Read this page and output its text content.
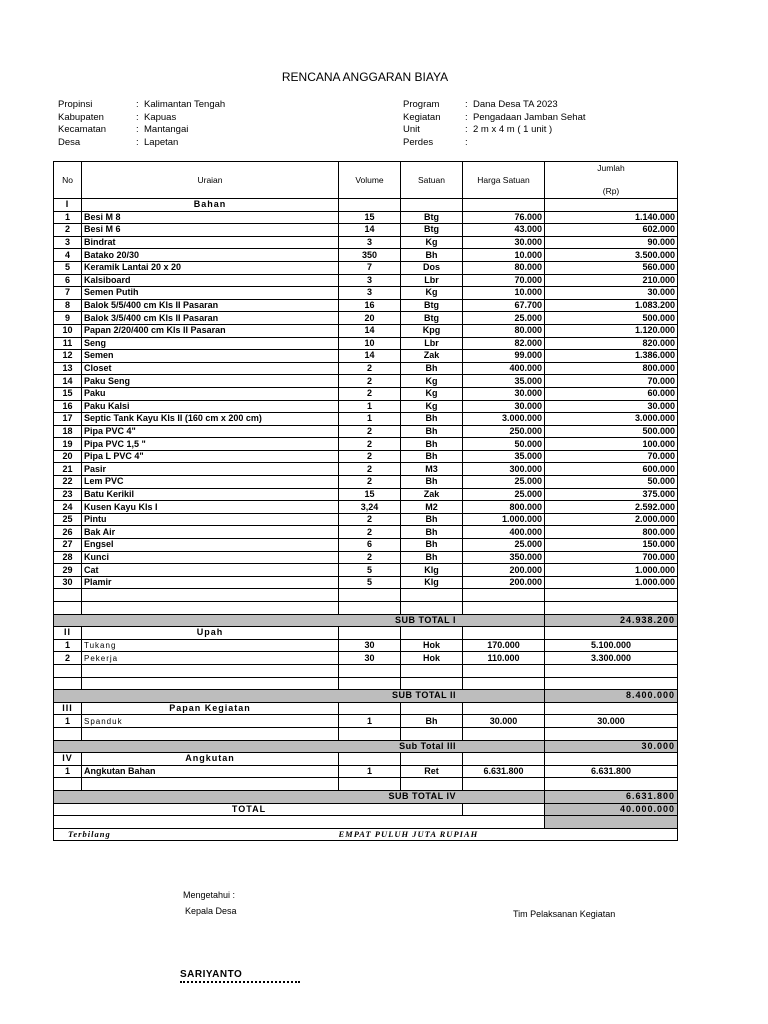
RENCANA ANGGARAN BIAYA
Propinsi	: Kalimantan Tengah
Kabupaten	: Kapuas
Kecamatan	: Mantangai
Desa	: Lapetan
Program	: Dana Desa TA 2023
Kegiatan	: Pengadaan Jamban Sehat
Unit	: 2 m x 4 m ( 1 unit )
Perdes	:
No	Uraian	Volume	Satuan	Harga Satuan	Jumlah
(Rp)

I	Bahan				
1	Besi M 8	15	Btg	76.000	1.140.000
2	Besi M 6	14	Btg	43.000	602.000
3	Bindrat	3	Kg	30.000	90.000
4	Batako 20/30	350	Bh	10.000	3.500.000
5	Keramik Lantai 20 x 20	7	Dos	80.000	560.000
6	Kalsiboard	3	Lbr	70.000	210.000
7	Semen Putih	3	Kg	10.000	30.000
8	Balok 5/5/400 cm Kls II Pasaran	16	Btg	67.700	1.083.200
9	Balok 3/5/400 cm Kls II Pasaran	20	Btg	25.000	500.000
10	Papan 2/20/400 cm Kls II Pasaran	14	Kpg	80.000	1.120.000
11	Seng	10	Lbr	82.000	820.000
12	Semen	14	Zak	99.000	1.386.000
13	Closet	2	Bh	400.000	800.000
14	Paku Seng	2	Kg	35.000	70.000
15	Paku	2	Kg	30.000	60.000
16	Paku Kalsi	1	Kg	30.000	30.000
17	Septic Tank Kayu Kls II (160 cm x 200 cm)	1	Bh	3.000.000	3.000.000
18	Pipa PVC 4"	2	Bh	250.000	500.000
19	Pipa PVC 1,5 "	2	Bh	50.000	100.000
20	Pipa L PVC 4"	2	Bh	35.000	70.000
21	Pasir	2	M3	300.000	600.000
22	Lem PVC	2	Bh	25.000	50.000
23	Batu Kerikil	15	Zak	25.000	375.000
24	Kusen Kayu Kls I	3,24	M2	800.000	2.592.000
25	Pintu	2	Bh	1.000.000	2.000.000
26	Bak Air	2	Bh	400.000	800.000
27	Engsel	6	Bh	25.000	150.000
28	Kunci	2	Bh	350.000	700.000
29	Cat	5	Klg	200.000	1.000.000
30	Plamir	5	Klg	200.000	1.000.000

SUB TOTAL I					24.938.200
II	Upah				
1	Tukang	30	Hok	170.000	5.100.000
2	Pekerja	30	Hok	110.000	3.300.000

SUB TOTAL II					8.400.000
III	Papan Kegiatan				
1	Spanduk	1	Bh	30.000	30.000

Sub Total III					30.000
IV	Angkutan				
1	Angkutan Bahan	1	Ret	6.631.800	6.631.800

SUB TOTAL IV					6.631.800
TOTAL					40.000.000

Terbilang		EMPAT PULUH JUTA RUPIAH			
Mengetahui :
Kepala Desa	Tim Pelaksanan Kegiatan
SARIYANTO
